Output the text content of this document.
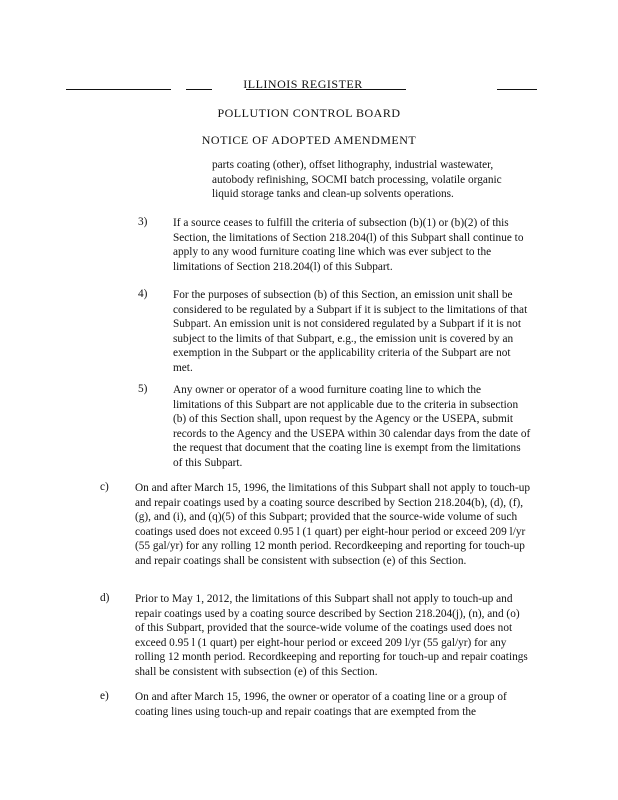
ILLINOIS REGISTER
POLLUTION CONTROL BOARD
NOTICE OF ADOPTED AMENDMENT

parts coating (other), offset lithography, industrial wastewater, autobody refinishing, SOCMI batch processing, volatile organic liquid storage tanks and clean-up solvents operations.

3) If a source ceases to fulfill the criteria of subsection (b)(1) or (b)(2) of this Section, the limitations of Section 218.204(l) of this Subpart shall continue to apply to any wood furniture coating line which was ever subject to the limitations of Section 218.204(l) of this Subpart.

4) For the purposes of subsection (b) of this Section, an emission unit shall be considered to be regulated by a Subpart if it is subject to the limitations of that Subpart. An emission unit is not considered regulated by a Subpart if it is not subject to the limits of that Subpart, e.g., the emission unit is covered by an exemption in the Subpart or the applicability criteria of the Subpart are not met.

5) Any owner or operator of a wood furniture coating line to which the limitations of this Subpart are not applicable due to the criteria in subsection (b) of this Section shall, upon request by the Agency or the USEPA, submit records to the Agency and the USEPA within 30 calendar days from the date of the request that document that the coating line is exempt from the limitations of this Subpart.

c) On and after March 15, 1996, the limitations of this Subpart shall not apply to touch-up and repair coatings used by a coating source described by Section 218.204(b), (d), (f), (g), and (i), and (q)(5) of this Subpart; provided that the source-wide volume of such coatings used does not exceed 0.95 l (1 quart) per eight-hour period or exceed 209 l/yr (55 gal/yr) for any rolling 12 month period. Recordkeeping and reporting for touch-up and repair coatings shall be consistent with subsection (e) of this Section.

d) Prior to May 1, 2012, the limitations of this Subpart shall not apply to touch-up and repair coatings used by a coating source described by Section 218.204(j), (n), and (o) of this Subpart, provided that the source-wide volume of the coatings used does not exceed 0.95 l (1 quart) per eight-hour period or exceed 209 l/yr (55 gal/yr) for any rolling 12 month period. Recordkeeping and reporting for touch-up and repair coatings shall be consistent with subsection (e) of this Section.

e) On and after March 15, 1996, the owner or operator of a coating line or a group of coating lines using touch-up and repair coatings that are exempted from the
